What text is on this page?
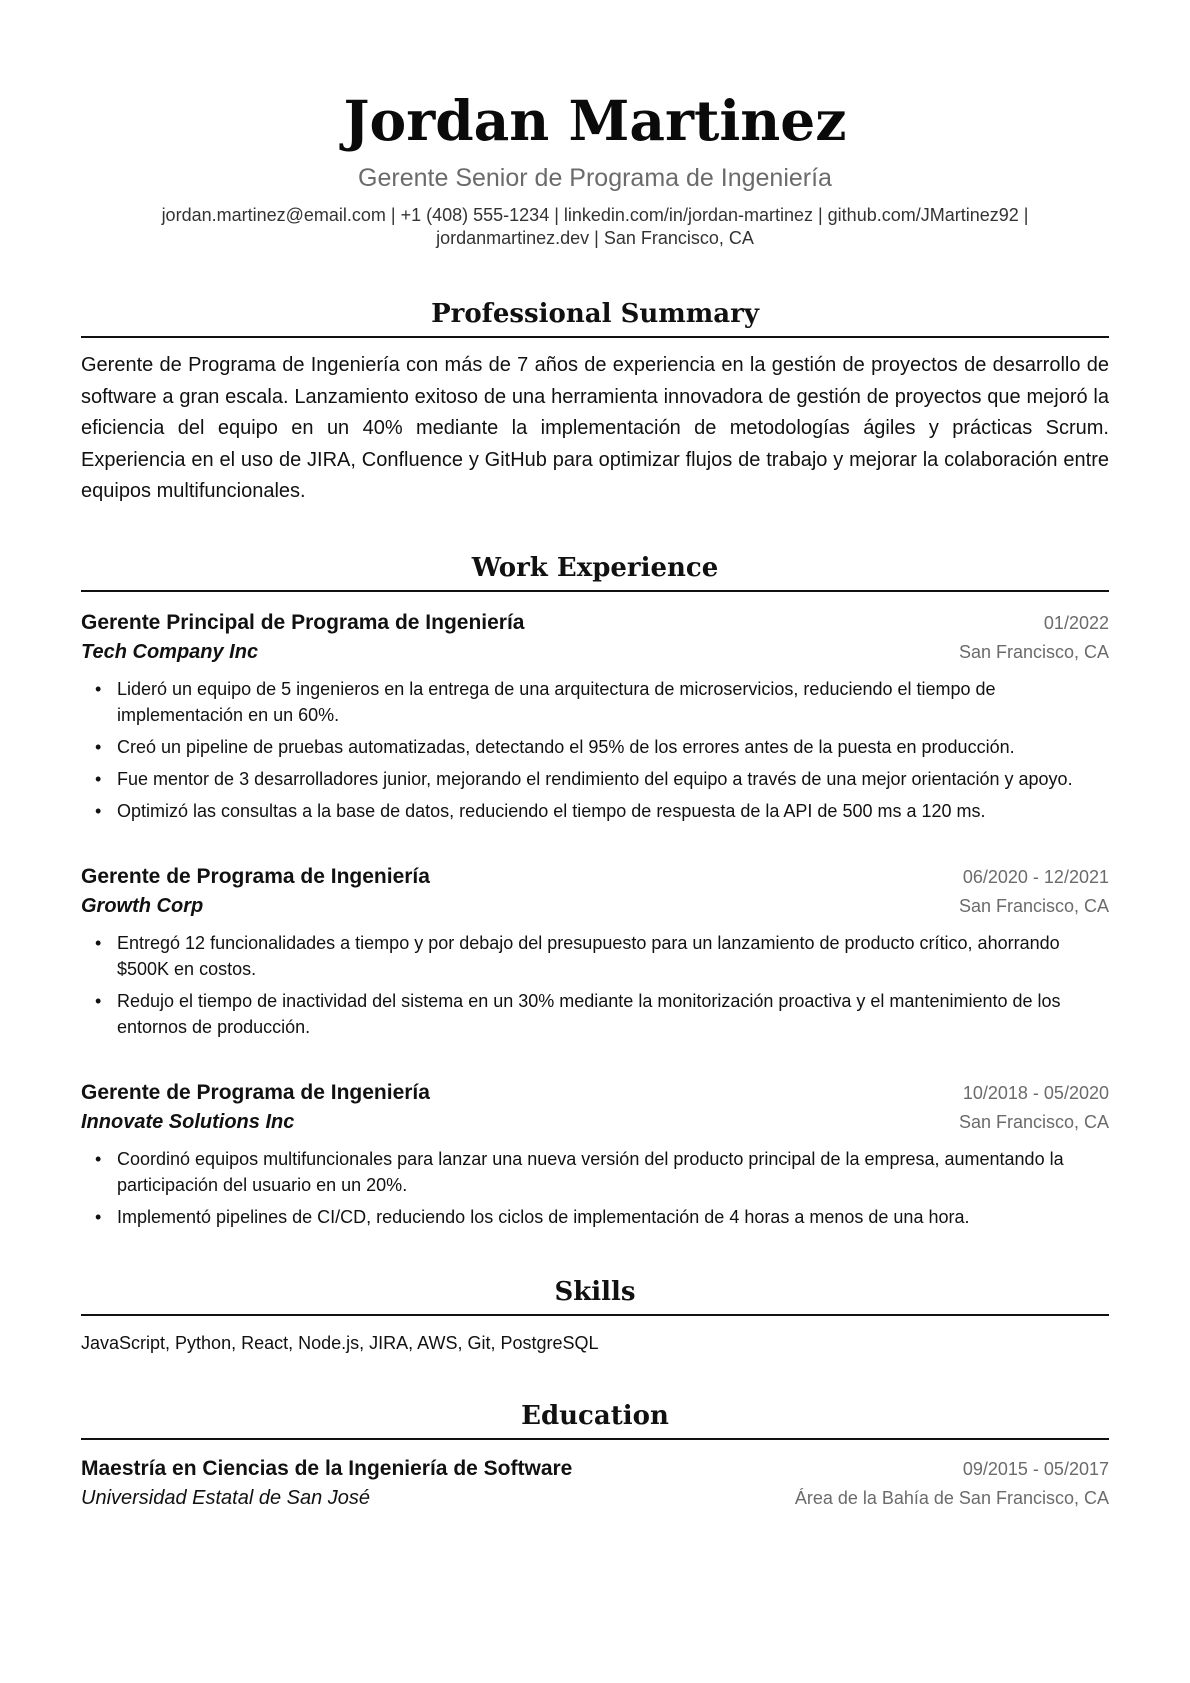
Jordan Martinez
Gerente Senior de Programa de Ingeniería
jordan.martinez@email.com | +1 (408) 555-1234 | linkedin.com/in/jordan-martinez | github.com/JMartinez92 |
jordanmartinez.dev | San Francisco, CA
Professional Summary

Gerente de Programa de Ingeniería con más de 7 años de experiencia en la gestión de proyectos de desarrollo de software a gran escala. Lanzamiento exitoso de una herramienta innovadora de gestión de proyectos que mejoró la eficiencia del equipo en un 40% mediante la implementación de metodologías ágiles y prácticas Scrum. Experiencia en el uso de JIRA, Confluence y GitHub para optimizar flujos de trabajo y mejorar la colaboración entre equipos multifuncionales.

Work Experience
Gerente Principal de Programa de Ingeniería	01/2022
Tech Company Inc	San Francisco, CA
• Lideró un equipo de 5 ingenieros en la entrega de una arquitectura de microservicios, reduciendo el tiempo de implementación en un 60%.
• Creó un pipeline de pruebas automatizadas, detectando el 95% de los errores antes de la puesta en producción.
• Fue mentor de 3 desarrolladores junior, mejorando el rendimiento del equipo a través de una mejor orientación y apoyo.
• Optimizó las consultas a la base de datos, reduciendo el tiempo de respuesta de la API de 500 ms a 120 ms.
Gerente de Programa de Ingeniería	06/2020 - 12/2021
Growth Corp	San Francisco, CA
• Entregó 12 funcionalidades a tiempo y por debajo del presupuesto para un lanzamiento de producto crítico, ahorrando $500K en costos.
• Redujo el tiempo de inactividad del sistema en un 30% mediante la monitorización proactiva y el mantenimiento de los entornos de producción.
Gerente de Programa de Ingeniería	10/2018 - 05/2020
Innovate Solutions Inc	San Francisco, CA
• Coordinó equipos multifuncionales para lanzar una nueva versión del producto principal de la empresa, aumentando la participación del usuario en un 20%.
• Implementó pipelines de CI/CD, reduciendo los ciclos de implementación de 4 horas a menos de una hora.
Skills

JavaScript, Python, React, Node.js, JIRA, AWS, Git, PostgreSQL

Education
Maestría en Ciencias de la Ingeniería de Software	09/2015 - 05/2017
Universidad Estatal de San José	Área de la Bahía de San Francisco, CA
